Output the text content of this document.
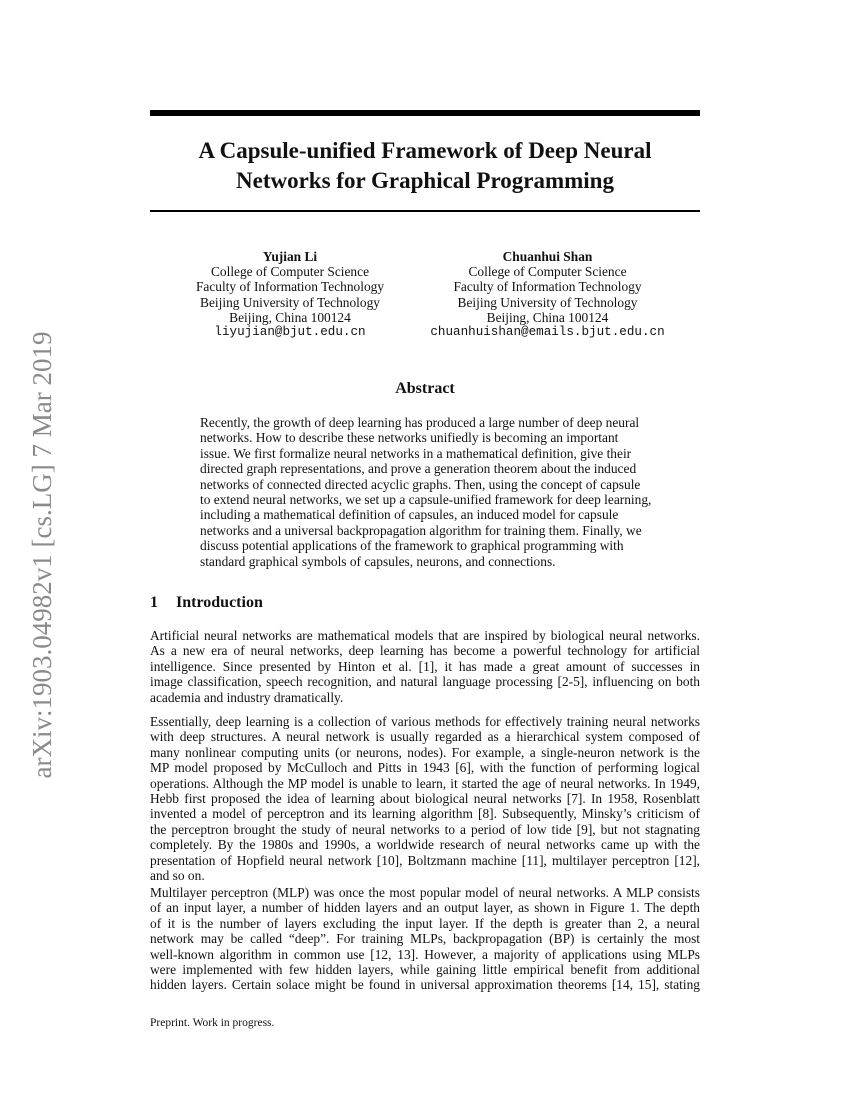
arXiv:1903.04982v1 [cs.LG] 7 Mar 2019
A Capsule-unified Framework of Deep Neural
Networks for Graphical Programming
Yujian Li
College of Computer Science
Faculty of Information Technology
Beijing University of Technology
Beijing, China 100124
liyujian@bjut.edu.cn
Chuanhui Shan
College of Computer Science
Faculty of Information Technology
Beijing University of Technology
Beijing, China 100124
chuanhuishan@emails.bjut.edu.cn
Abstract
Recently, the growth of deep learning has produced a large number of deep neural
networks. How to describe these networks unifiedly is becoming an important
issue. We first formalize neural networks in a mathematical definition, give their
directed graph representations, and prove a generation theorem about the induced
networks of connected directed acyclic graphs. Then, using the concept of capsule
to extend neural networks, we set up a capsule-unified framework for deep learning,
including a mathematical definition of capsules, an induced model for capsule
networks and a universal backpropagation algorithm for training them. Finally, we
discuss potential applications of the framework to graphical programming with
standard graphical symbols of capsules, neurons, and connections.
1 Introduction
Artificial neural networks are mathematical models that are inspired by biological neural networks.
As a new era of neural networks, deep learning has become a powerful technology for artificial
intelligence. Since presented by Hinton et al. [1], it has made a great amount of successes in
image classification, speech recognition, and natural language processing [2-5], influencing on both
academia and industry dramatically.
Essentially, deep learning is a collection of various methods for effectively training neural networks
with deep structures. A neural network is usually regarded as a hierarchical system composed of
many nonlinear computing units (or neurons, nodes). For example, a single-neuron network is the
MP model proposed by McCulloch and Pitts in 1943 [6], with the function of performing logical
operations. Although the MP model is unable to learn, it started the age of neural networks. In 1949,
Hebb first proposed the idea of learning about biological neural networks [7]. In 1958, Rosenblatt
invented a model of perceptron and its learning algorithm [8]. Subsequently, Minsky’s criticism of
the perceptron brought the study of neural networks to a period of low tide [9], but not stagnating
completely. By the 1980s and 1990s, a worldwide research of neural networks came up with the
presentation of Hopfield neural network [10], Boltzmann machine [11], multilayer perceptron [12],
and so on.
Multilayer perceptron (MLP) was once the most popular model of neural networks. A MLP consists
of an input layer, a number of hidden layers and an output layer, as shown in Figure 1. The depth
of it is the number of layers excluding the input layer. If the depth is greater than 2, a neural
network may be called “deep”. For training MLPs, backpropagation (BP) is certainly the most
well-known algorithm in common use [12, 13]. However, a majority of applications using MLPs
were implemented with few hidden layers, while gaining little empirical benefit from additional
hidden layers. Certain solace might be found in universal approximation theorems [14, 15], stating
Preprint. Work in progress.
